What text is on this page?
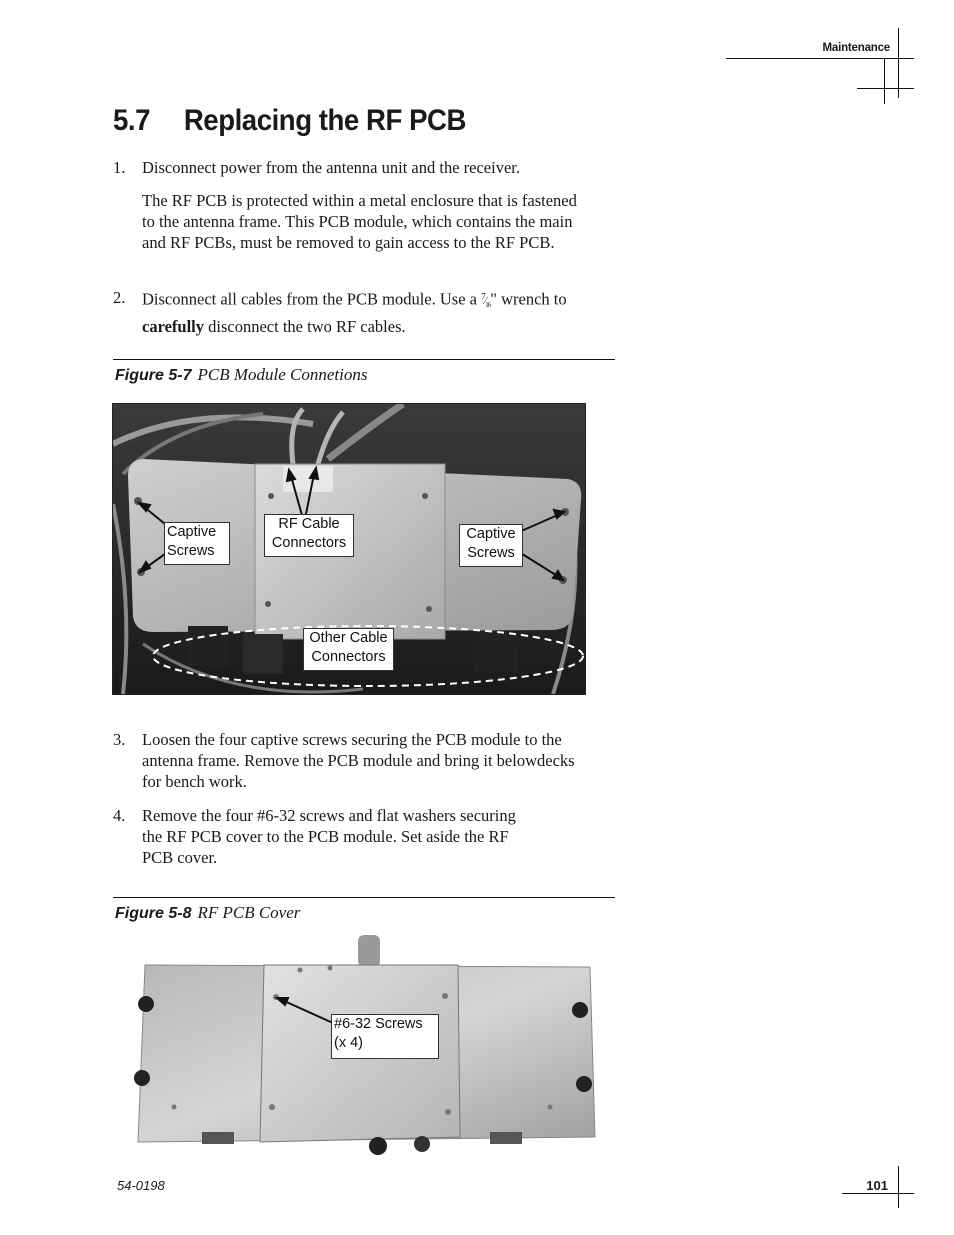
Maintenance
5.7 Replacing the RF PCB
1.	Disconnect power from the antenna unit and the receiver.
The RF PCB is protected within a metal enclosure that is fastened to the antenna frame. This PCB module, which contains the main and RF PCBs, must be removed to gain access to the RF PCB.
2.	Disconnect all cables from the PCB module. Use a $^7⁄_{16}$" wrench to carefully disconnect the two RF cables.
Figure 5-7 PCB Module Connetions
Captive
Screws
RF Cable
Connectors
Captive
Screws
Other Cable
Connectors
3.	Loosen the four captive screws securing the PCB module to the antenna frame. Remove the PCB module and bring it belowdecks for bench work.
4.	Remove the four #6-32 screws and flat washers securing the RF PCB cover to the PCB module. Set aside the RF PCB cover.
Figure 5-8 RF PCB Cover
#6-32 Screws
(x 4)
54-0198	101
